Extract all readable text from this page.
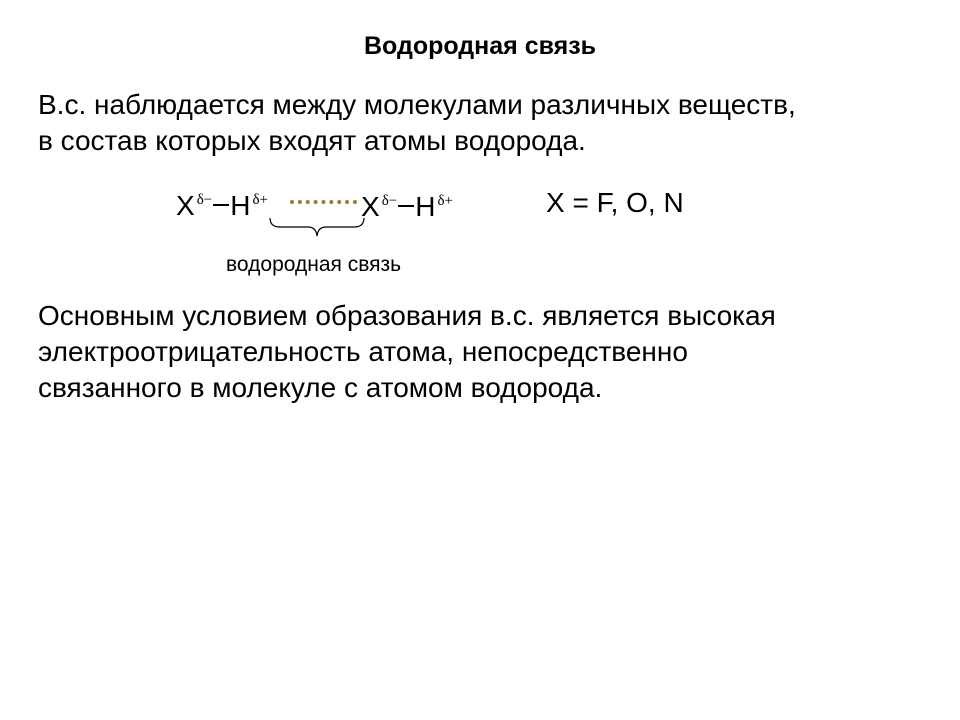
Водородная связь
В.с. наблюдается между молекулами различных веществ,
в состав которых входят атомы водорода.
X $^{\delta-}$ H $^{\delta+}$	X $^{\delta-}$ H $^{\delta+}$
водородная связь
X = F, O, N
Основным условием образования в.с. является высокая
электроотрицательность атома, непосредственно
связанного в молекуле с атомом водорода.
